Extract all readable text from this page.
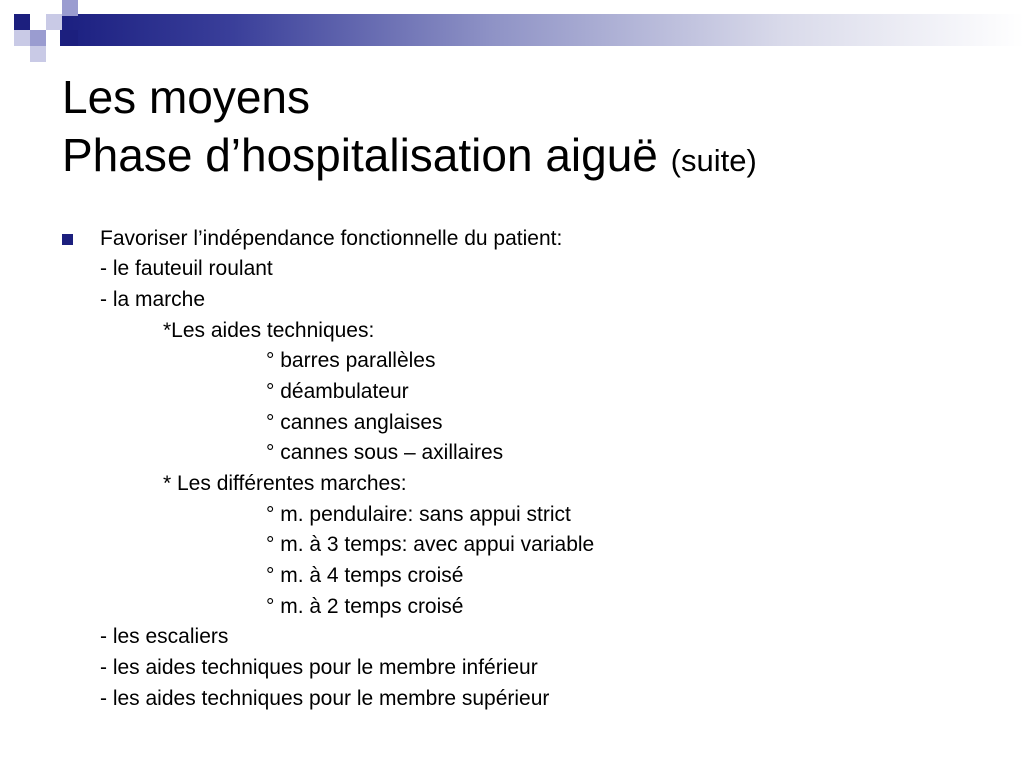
Les moyens
Phase d’hospitalisation aiguë (suite)
Favoriser l’indépendance fonctionnelle du patient:
- le fauteuil roulant
- la marche
*Les aides techniques:
° barres parallèles
° déambulateur
° cannes anglaises
° cannes sous – axillaires
* Les différentes marches:
° m. pendulaire: sans appui strict
° m. à 3 temps: avec appui variable
° m. à 4 temps croisé
° m. à 2 temps croisé
- les escaliers
- les aides techniques pour le membre inférieur
- les aides techniques pour le membre supérieur
